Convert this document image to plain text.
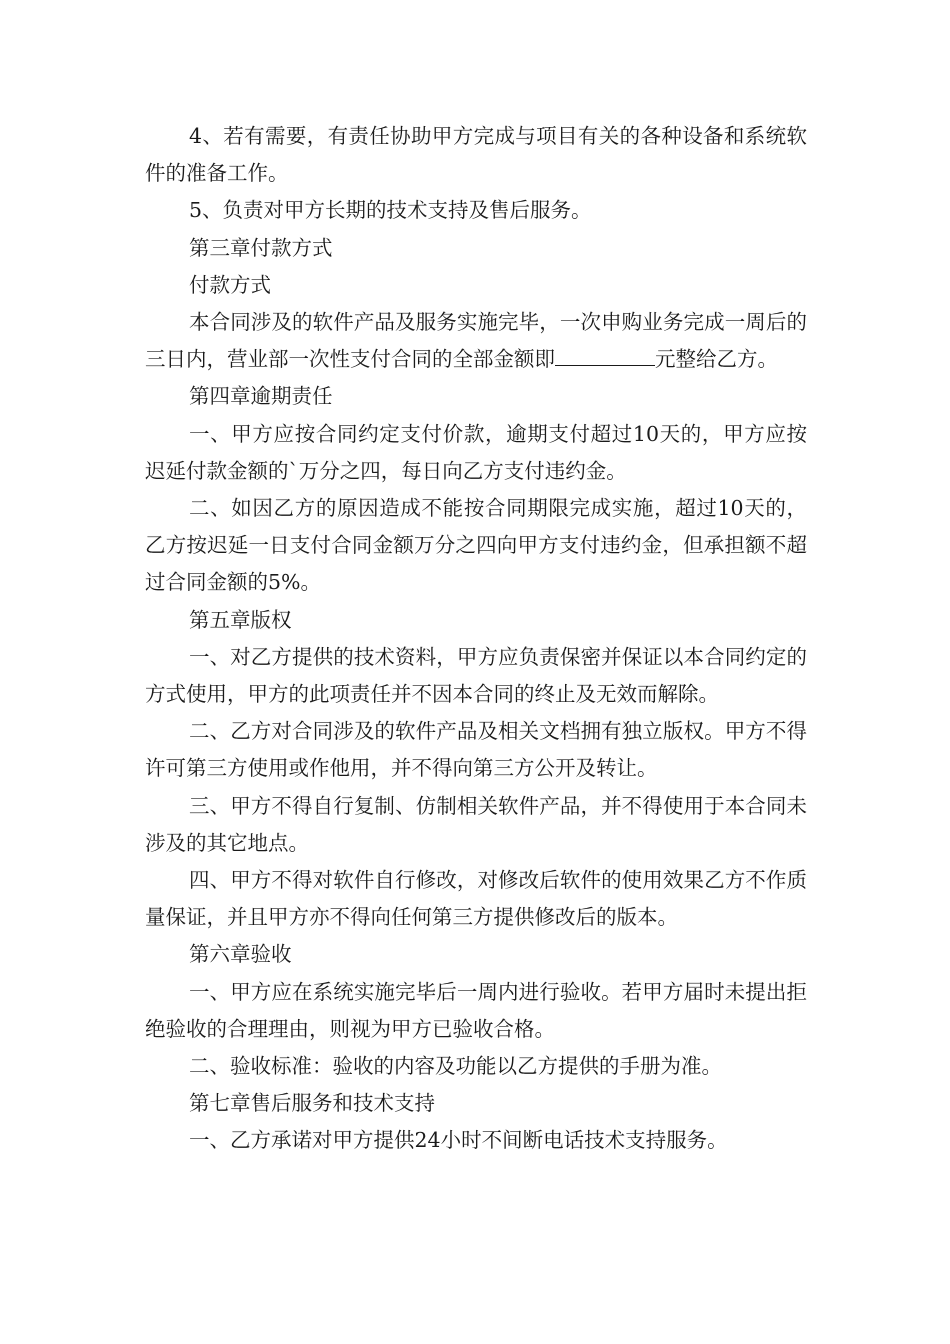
4、若有需要，有责任协助甲方完成与项目有关的各种设备和系统软件的准备工作。

5、负责对甲方长期的技术支持及售后服务。

第三章付款方式

付款方式

本合同涉及的软件产品及服务实施完毕，一次申购业务完成一周后的三日内，营业部一次性支付合同的全部金额即	元整给乙方。

第四章逾期责任

一、甲方应按合同约定支付价款，逾期支付超过10天的，甲方应按迟延付款金额的`万分之四，每日向乙方支付违约金。

二、如因乙方的原因造成不能按合同期限完成实施，超过10天的，乙方按迟延一日支付合同金额万分之四向甲方支付违约金，但承担额不超过合同金额的5%。

第五章版权

一、对乙方提供的技术资料，甲方应负责保密并保证以本合同约定的方式使用，甲方的此项责任并不因本合同的终止及无效而解除。

二、乙方对合同涉及的软件产品及相关文档拥有独立版权。甲方不得许可第三方使用或作他用，并不得向第三方公开及转让。

三、甲方不得自行复制、仿制相关软件产品，并不得使用于本合同未涉及的其它地点。

四、甲方不得对软件自行修改，对修改后软件的使用效果乙方不作质量保证，并且甲方亦不得向任何第三方提供修改后的版本。

第六章验收

一、甲方应在系统实施完毕后一周内进行验收。若甲方届时未提出拒绝验收的合理理由，则视为甲方已验收合格。

二、验收标准：验收的内容及功能以乙方提供的手册为准。

第七章售后服务和技术支持

一、乙方承诺对甲方提供24小时不间断电话技术支持服务。
